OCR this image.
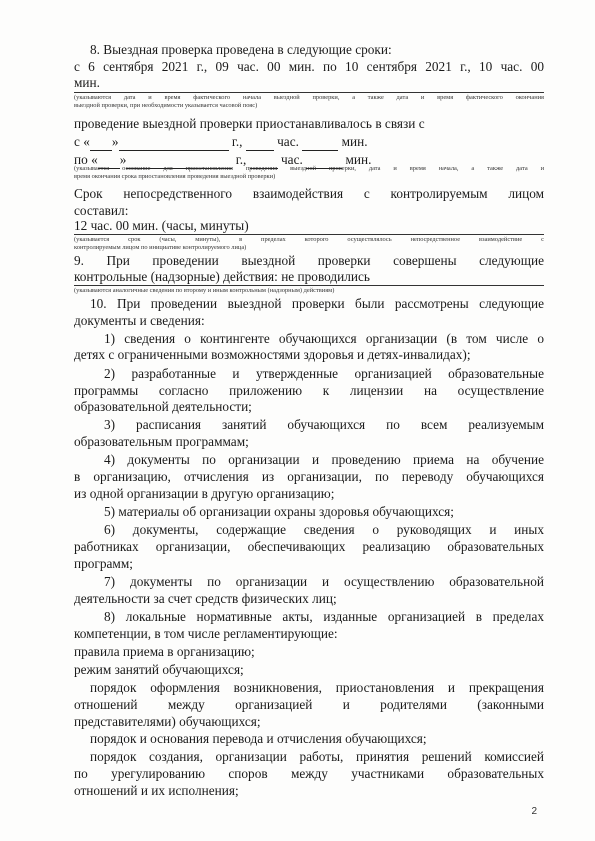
8. Выездная проверка проведена в следующие сроки:
с 6 сентября 2021 г., 09 час. 00 мин. по 10 сентября 2021 г., 10 час. 00
мин.
(указываются дата и время фактического начала выездной проверки, а также дата и время фактического окончания
выездной проверки, при необходимости указывается часовой пояс)
проведение выездной проверки приостанавливалось в связи с
с « »	г.,	час.	мин.
по « »	г.,	час.	мин.
(указывается основание для приостановления проведения выездной проверки, дата и время начала, а также дата и
время окончания срока приостановления проведения выездной проверки)
Срок непосредственного взаимодействия с контролируемым лицом
составил:
12 час. 00 мин. (часы, минуты)
(указывается срок (часы, минуты), в пределах которого осуществлялось непосредственное взаимодействие с
контролируемым лицом по инициативе контролируемого лица)
9. При проведении выездной проверки совершены следующие
контрольные (надзорные) действия: не проводились
(указываются аналогичные сведения по второму и иным контрольным (надзорным) действиям)
10. При проведении выездной проверки были рассмотрены следующие
документы и сведения:
1) сведения о контингенте обучающихся организации (в том числе о
детях с ограниченными возможностями здоровья и детях-инвалидах);
2) разработанные и утвержденные организацией образовательные
программы согласно приложению к лицензии на осуществление
образовательной деятельности;
3) расписания занятий обучающихся по всем реализуемым
образовательным программам;
4) документы по организации и проведению приема на обучение
в организацию, отчисления из организации, по переводу обучающихся
из одной организации в другую организацию;
5) материалы об организации охраны здоровья обучающихся;
6) документы, содержащие сведения о руководящих и иных
работниках организации, обеспечивающих реализацию образовательных
программ;
7) документы по организации и осуществлению образовательной
деятельности за счет средств физических лиц;
8) локальные нормативные акты, изданные организацией в пределах
компетенции, в том числе регламентирующие:
правила приема в организацию;
режим занятий обучающихся;
порядок оформления возникновения, приостановления и прекращения
отношений между организацией и родителями (законными
представителями) обучающихся;
порядок и основания перевода и отчисления обучающихся;
порядок создания, организации работы, принятия решений комиссией
по урегулированию споров между участниками образовательных
отношений и их исполнения;
2
